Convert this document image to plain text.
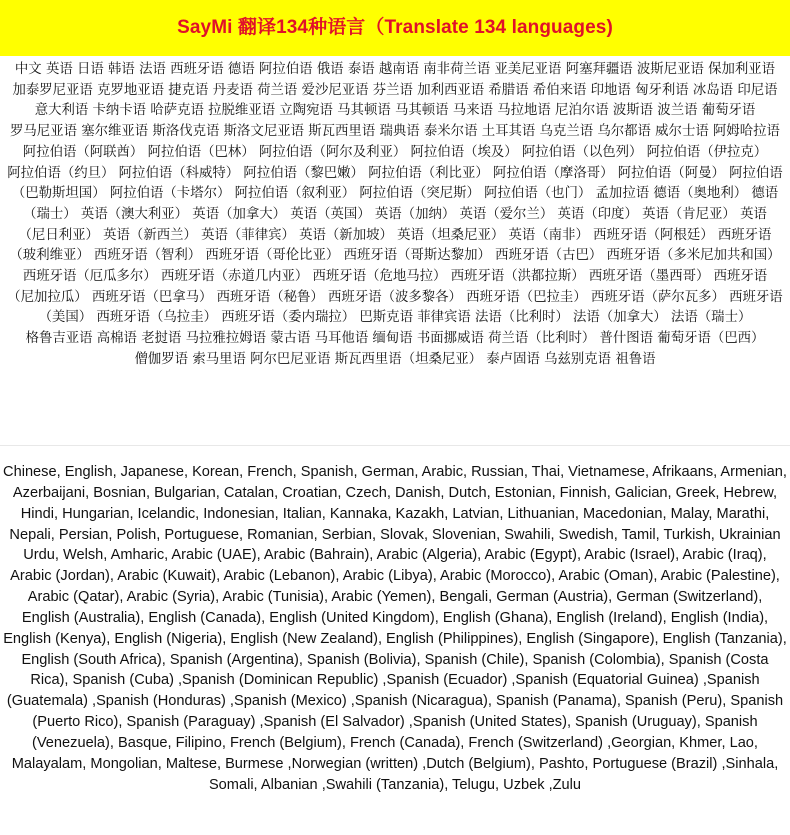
SayMi 翻译134种语言（Translate 134 languages)
中文 英语 日语 韩语 法语 西班牙语 德语 阿拉伯语 俄语 泰语 越南语 南非荷兰语 亚美尼亚语 阿塞拜疆语 波斯尼亚语 保加利亚语 加泰罗尼亚语 克罗地亚语 捷克语 丹麦语 荷兰语 爱沙尼亚语 芬兰语 加利西亚语 希腊语 希伯来语 印地语 匈牙利语 冰岛语 印尼语 意大利语 卡纳卡语 哈萨克语 拉脱维亚语 立陶宛语 马其顿语 马其顿语 马来语 马拉地语 尼泊尔语 波斯语 波兰语 葡萄牙语 罗马尼亚语 塞尔维亚语 斯洛伐克语 斯洛文尼亚语 斯瓦西里语 瑞典语 泰米尔语 土耳其语 乌克兰语 乌尔都语 威尔士语 阿姆哈拉语 阿拉伯语（阿联酋） 阿拉伯语（巴林） 阿拉伯语（阿尔及利亚） 阿拉伯语（埃及） 阿拉伯语（以色列） 阿拉伯语（伊拉克） 阿拉伯语（约旦） 阿拉伯语（科威特） 阿拉伯语（黎巴嫩） 阿拉伯语（利比亚） 阿拉伯语（摩洛哥） 阿拉伯语（阿曼） 阿拉伯语（巴勒斯坦国） 阿拉伯语（卡塔尔） 阿拉伯语（叙利亚） 阿拉伯语（突尼斯） 阿拉伯语（也门） 孟加拉语 德语（奥地利） 德语（瑞士） 英语（澳大利亚） 英语（加拿大） 英语（英国） 英语（加纳） 英语（爱尔兰） 英语（印度） 英语（肯尼亚） 英语（尼日利亚） 英语（新西兰） 英语（菲律宾） 英语（新加坡） 英语（坦桑尼亚） 英语（南非） 西班牙语（阿根廷） 西班牙语（玻利维亚） 西班牙语（智利） 西班牙语（哥伦比亚） 西班牙语（哥斯达黎加） 西班牙语（古巴） 西班牙语（多米尼加共和国） 西班牙语（厄瓜多尔） 西班牙语（赤道几内亚） 西班牙语（危地马拉） 西班牙语（洪都拉斯） 西班牙语（墨西哥） 西班牙语（尼加拉瓜） 西班牙语（巴拿马） 西班牙语（秘鲁） 西班牙语（波多黎各） 西班牙语（巴拉圭） 西班牙语（萨尔瓦多） 西班牙语（美国） 西班牙语（乌拉圭） 西班牙语（委内瑞拉） 巴斯克语 菲律宾语 法语（比利时） 法语（加拿大） 法语（瑞士） 格鲁吉亚语 高棉语 老挝语 马拉雅拉姆语 蒙古语 马耳他语 缅甸语 书面挪威语 荷兰语（比利时） 普什图语 葡萄牙语（巴西） 僧伽罗语 索马里语 阿尔巴尼亚语 斯瓦西里语（坦桑尼亚） 泰卢固语 乌兹别克语 祖鲁语
Chinese, English, Japanese, Korean, French, Spanish, German, Arabic, Russian, Thai, Vietnamese, Afrikaans, Armenian, Azerbaijani, Bosnian, Bulgarian, Catalan, Croatian, Czech, Danish, Dutch, Estonian, Finnish, Galician, Greek, Hebrew, Hindi, Hungarian, Icelandic, Indonesian, Italian, Kannaka, Kazakh, Latvian, Lithuanian, Macedonian, Malay, Marathi, Nepali, Persian, Polish, Portuguese, Romanian, Serbian, Slovak, Slovenian, Swahili, Swedish, Tamil, Turkish, Ukrainian Urdu, Welsh, Amharic, Arabic (UAE), Arabic (Bahrain), Arabic (Algeria), Arabic (Egypt), Arabic (Israel), Arabic (Iraq), Arabic (Jordan), Arabic (Kuwait), Arabic (Lebanon), Arabic (Libya), Arabic (Morocco), Arabic (Oman), Arabic (Palestine), Arabic (Qatar), Arabic (Syria), Arabic (Tunisia), Arabic (Yemen), Bengali, German (Austria), German (Switzerland), English (Australia), English (Canada), English (United Kingdom), English (Ghana), English (Ireland), English (India), English (Kenya), English (Nigeria), English (New Zealand), English (Philippines), English (Singapore), English (Tanzania), English (South Africa), Spanish (Argentina), Spanish (Bolivia), Spanish (Chile), Spanish (Colombia), Spanish (Costa Rica), Spanish (Cuba) ,Spanish (Dominican Republic) ,Spanish (Ecuador) ,Spanish (Equatorial Guinea) ,Spanish (Guatemala) ,Spanish (Honduras) ,Spanish (Mexico) ,Spanish (Nicaragua), Spanish (Panama), Spanish (Peru), Spanish (Puerto Rico), Spanish (Paraguay) ,Spanish (El Salvador) ,Spanish (United States), Spanish (Uruguay), Spanish (Venezuela), Basque, Filipino, French (Belgium), French (Canada), French (Switzerland) ,Georgian, Khmer, Lao, Malayalam, Mongolian, Maltese, Burmese ,Norwegian (written) ,Dutch (Belgium), Pashto, Portuguese (Brazil) ,Sinhala, Somali, Albanian ,Swahili (Tanzania), Telugu, Uzbek ,Zulu
